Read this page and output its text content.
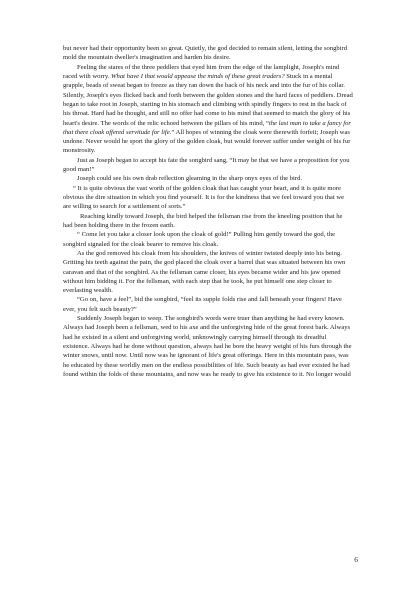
but never had their opportunity been so great. Quietly, the god decided to remain silent, letting the songbird mold the mountain dweller's imagination and harden his desire.

Feeling the stares of the three peddlers that eyed him from the edge of the lamplight, Joseph's mind raced with worry. What have I that would appease the minds of these great traders? Stuck in a mental grapple, beads of sweat began to freeze as they ran down the back of his neck and into the fur of his collar. Silently, Joseph's eyes flicked back and forth between the golden stones and the hard faces of peddlers. Dread began to take root in Joseph, starting in his stomach and climbing with spindly fingers to rest in the back of his throat. Hard had he thought, and still no offer had come to his mind that seemed to match the glory of his heart's desire. The words of the relic echoed between the pillars of his mind, “the last man to take a fancy for that there cloak offered servitude for life.” All hopes of winning the cloak were therewith forfeit; Joseph was undone. Never would he sport the glory of the golden cloak, but would forever suffer under weight of his fur monstrosity.

Just as Joseph began to accept his fate the songbird sang, “It may be that we have a proposition for you good man!”

Joseph could see his own drab reflection gleaming in the sharp onyx eyes of the bird.

“ It is quite obvious the vast worth of the golden cloak that has caught your heart, and it is quite more obvious the dire situation in which you find yourself. It is for the kindness that we feel toward you that we are willing to search for a settlement of sorts.”

Reaching kindly toward Joseph, the bird helped the fellsman rise from the kneeling position that he had been holding there in the frozen earth.

“ Come let you take a closer look upon the cloak of gold!” Pulling him gently toward the god, the songbird signaled for the cloak bearer to remove his cloak.

As the god removed his cloak from his shoulders, the knives of winter twisted deeply into his being. Gritting his teeth against the pain, the god placed the cloak over a barrel that was situated between his own caravan and that of the songbird. As the fellsman came closer, his eyes became wider and his jaw opened without him bidding it. For the fellsman, with each step that he took, he put himself one step closer to everlasting wealth.

“Go on, have a feel”, bid the songbird, “feel its supple folds rise and fall beneath your fingers! Have ever, you felt such beauty?”

Suddenly Joseph began to weep. The songbird's words were truer than anything he had every known. Always had Joseph been a fellsman, wed to his axe and the unforgiving hide of the great forest bark. Always had he existed in a silent and unforgiving world, unknowingly carrying himself through its dreadful existence. Always had he done without question, always had he bore the heavy weight of his furs through the winter snows, until now. Until now was he ignorant of life's great offerings. Here in this mountain pass, was he educated by these worldly men on the endless possibilities of life. Such beauty as had ever existed he had found within the folds of these mountains, and now was he ready to give his existence to it. No longer would

6
